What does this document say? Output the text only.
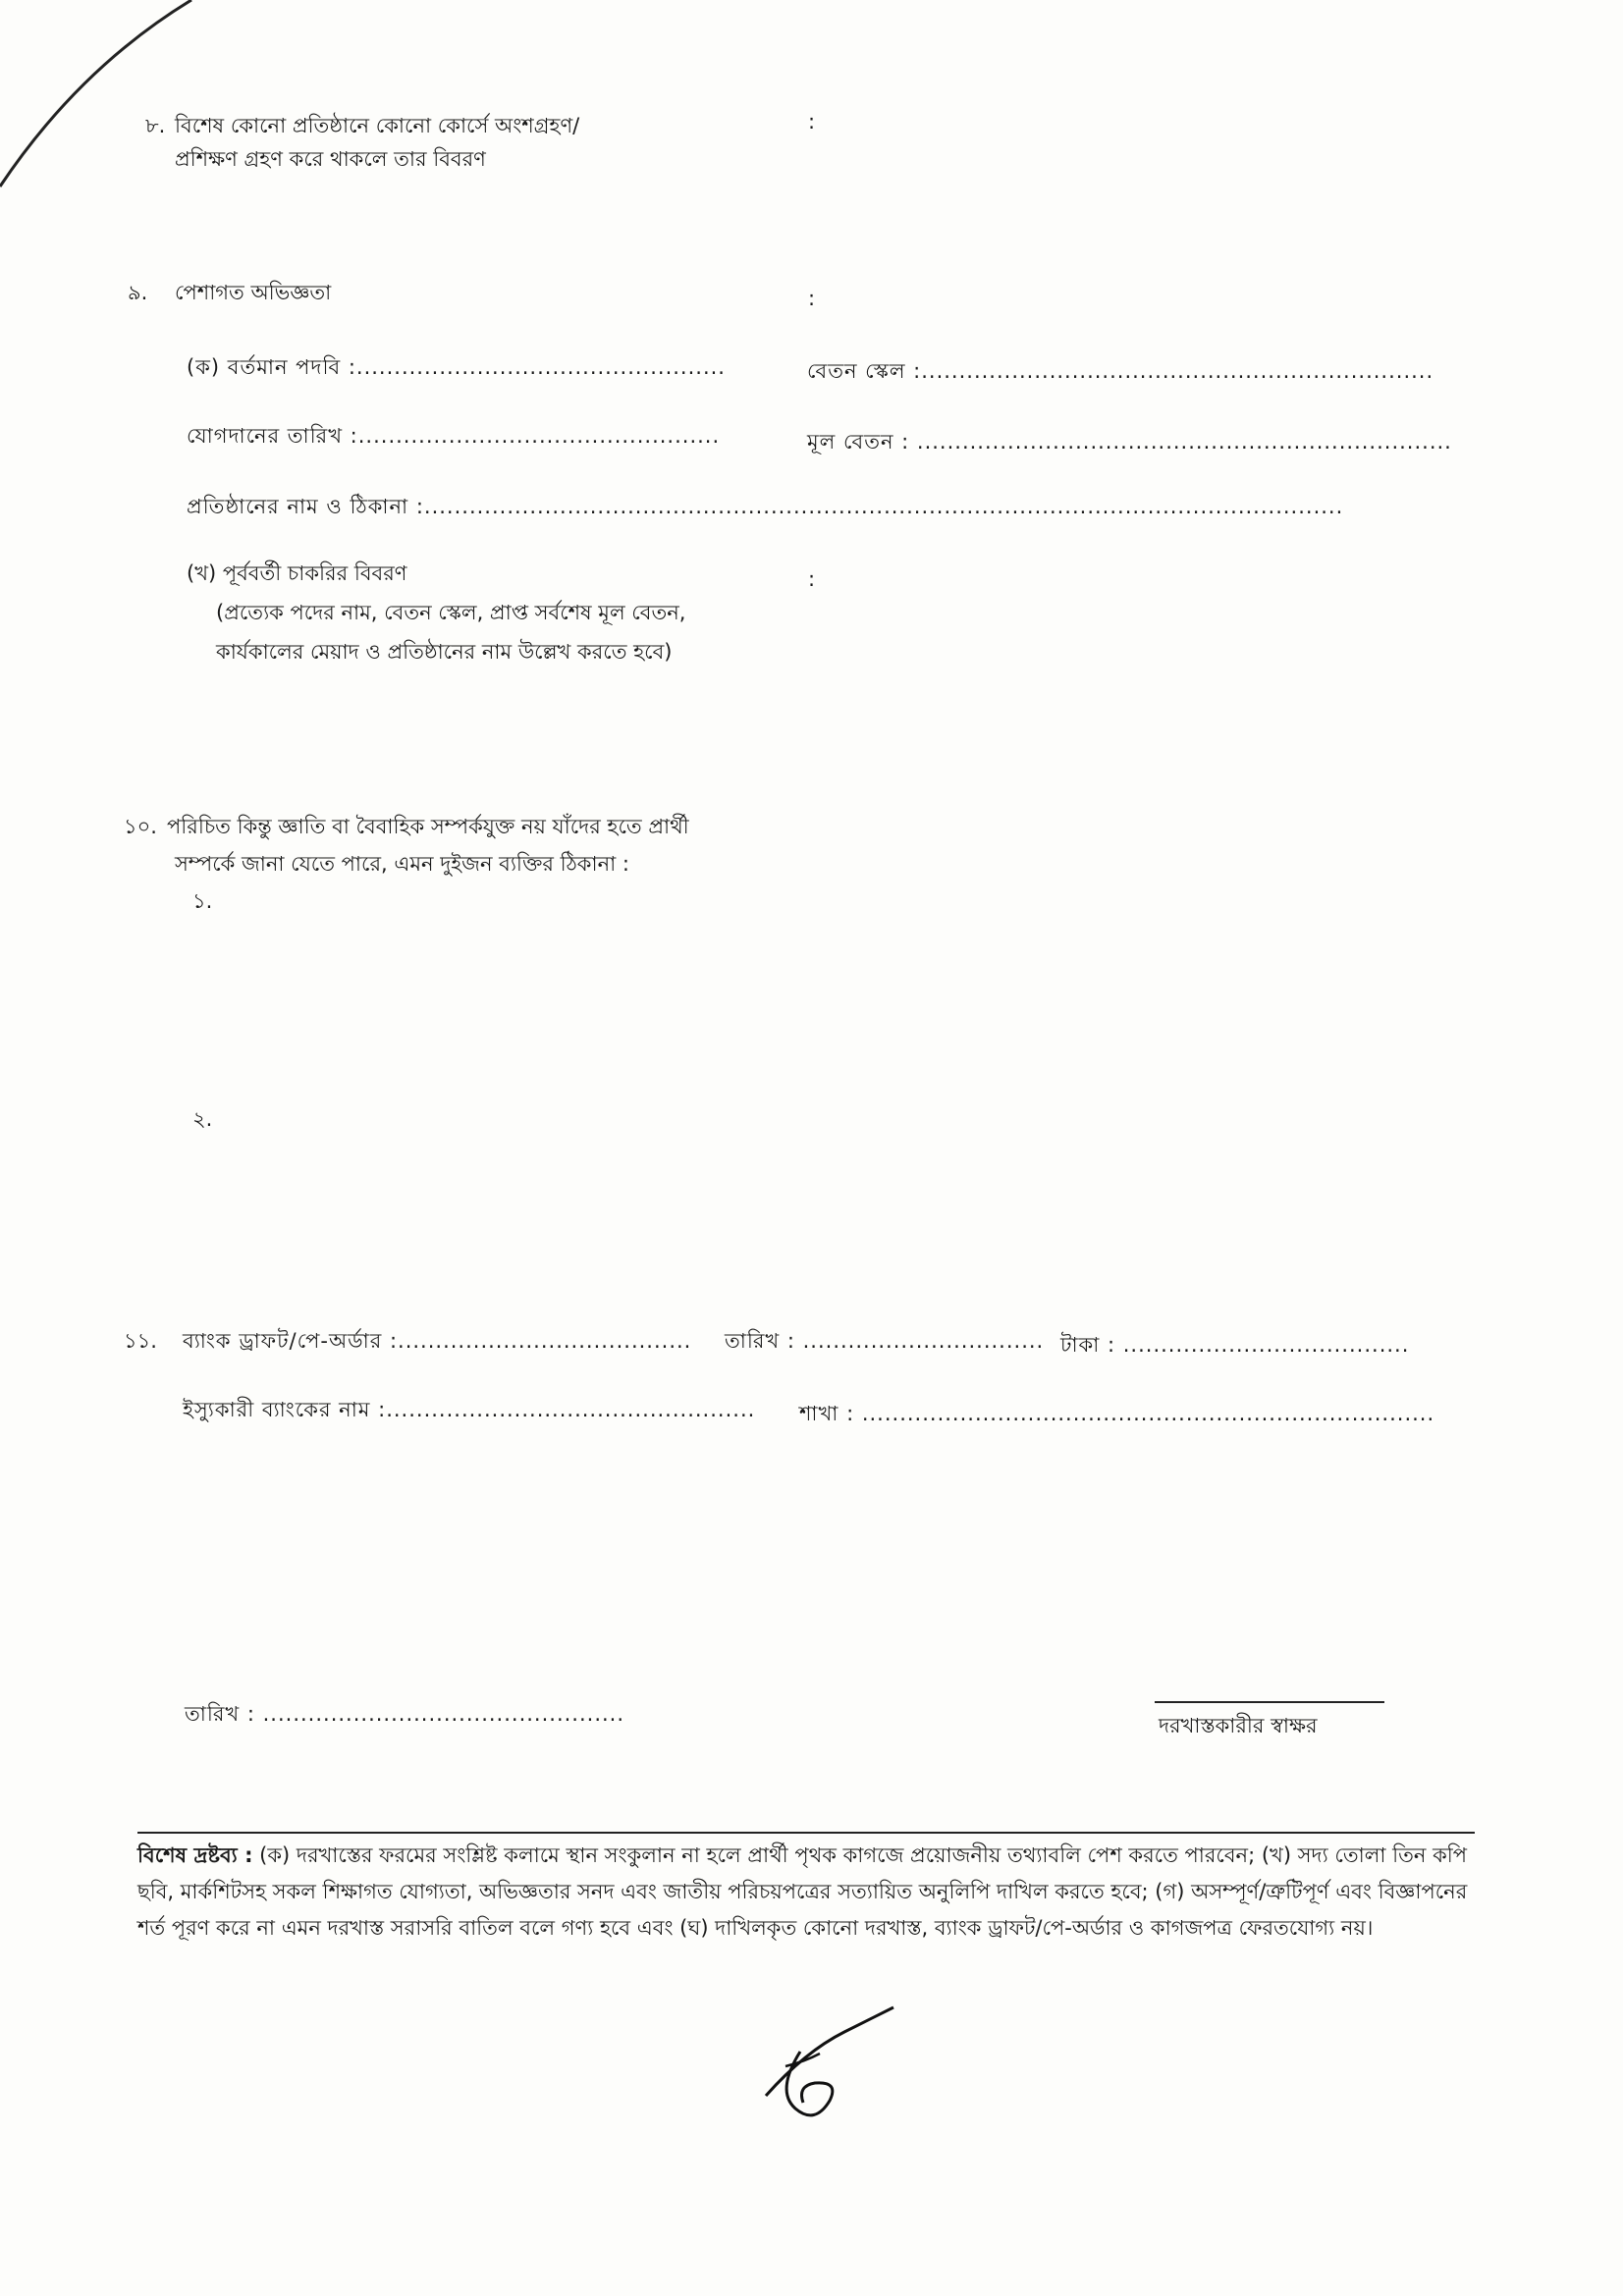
৮. বিশেষ কোনো প্রতিষ্ঠানে কোনো কোর্সে অংশগ্রহণ/
প্রশিক্ষণ গ্রহণ করে থাকলে তার বিবরণ
:
৯. পেশাগত অভিজ্ঞতা	:
(ক) বর্তমান পদবি :.................................................	বেতন স্কেল :....................................................................
যোগদানের তারিখ :................................................	মূল বেতন : .......................................................................
প্রতিষ্ঠানের নাম ও ঠিকানা :..........................................................................................................................
(খ) পূর্ববর্তী চাকরির বিবরণ	:
(প্রত্যেক পদের নাম, বেতন স্কেল, প্রাপ্ত সর্বশেষ মূল বেতন,
কার্যকালের মেয়াদ ও প্রতিষ্ঠানের নাম উল্লেখ করতে হবে)
১০. পরিচিত কিন্তু জ্ঞাতি বা বৈবাহিক সম্পর্কযুক্ত নয় যাঁদের হতে প্রার্থী
সম্পর্কে জানা যেতে পারে, এমন দুইজন ব্যক্তির ঠিকানা :
১.
২.
১১. ব্যাংক ড্রাফট/পে-অর্ডার :....................................... তারিখ : ................................ টাকা : ......................................
ইস্যুকারী ব্যাংকের নাম :................................................. শাখা : ............................................................................
তারিখ : ................................................	দরখাস্তকারীর স্বাক্ষর
বিশেষ দ্রষ্টব্য : (ক) দরখাস্তের ফরমের সংশ্লিষ্ট কলামে স্থান সংকুলান না হলে প্রার্থী পৃথক কাগজে প্রয়োজনীয় তথ্যাবলি পেশ করতে পারবেন; (খ) সদ্য তোলা তিন কপি ছবি, মার্কশিটসহ সকল শিক্ষাগত যোগ্যতা, অভিজ্ঞতার সনদ এবং জাতীয় পরিচয়পত্রের সত্যায়িত অনুলিপি দাখিল করতে হবে; (গ) অসম্পূর্ণ/ত্রুটিপূর্ণ এবং বিজ্ঞাপনের শর্ত পূরণ করে না এমন দরখাস্ত সরাসরি বাতিল বলে গণ্য হবে এবং (ঘ) দাখিলকৃত কোনো দরখাস্ত, ব্যাংক ড্রাফট/পে-অর্ডার ও কাগজপত্র ফেরতযোগ্য নয়।
